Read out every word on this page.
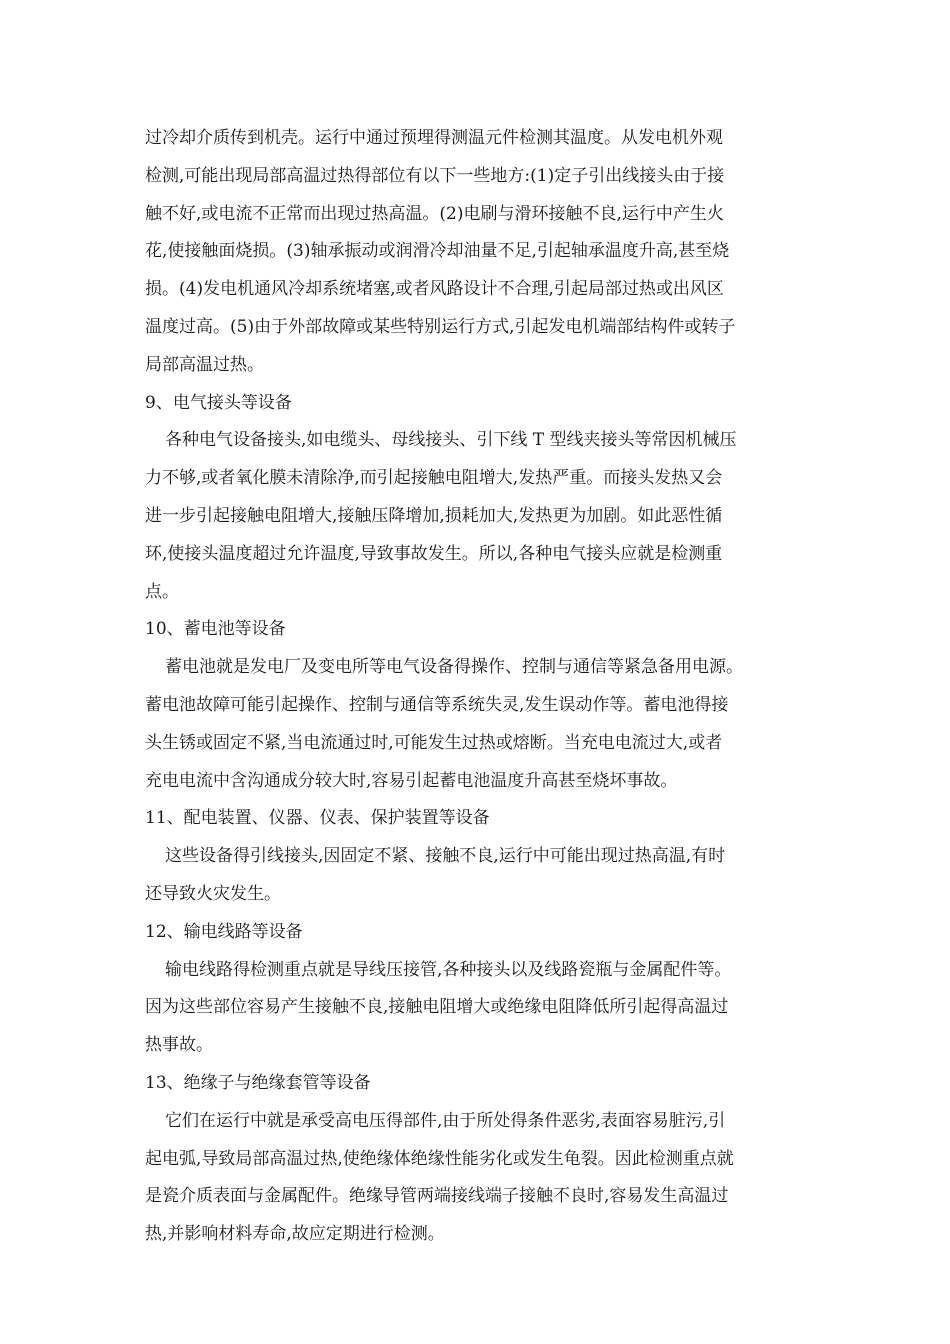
过冷却介质传到机壳。运行中通过预埋得测温元件检测其温度。从发电机外观
检测,可能出现局部高温过热得部位有以下一些地方:(1)定子引出线接头由于接
触不好,或电流不正常而出现过热高温。(2)电刷与滑环接触不良,运行中产生火
花,使接触面烧损。(3)轴承振动或润滑冷却油量不足,引起轴承温度升高,甚至烧
损。(4)发电机通风冷却系统堵塞,或者风路设计不合理,引起局部过热或出风区
温度过高。(5)由于外部故障或某些特别运行方式,引起发电机端部结构件或转子
局部高温过热。
9、电气接头等设备
各种电气设备接头,如电缆头、母线接头、引下线 T 型线夹接头等常因机械压
力不够,或者氧化膜未清除净,而引起接触电阻增大,发热严重。而接头发热又会
进一步引起接触电阻增大,接触压降增加,损耗加大,发热更为加剧。如此恶性循
环,使接头温度超过允许温度,导致事故发生。所以,各种电气接头应就是检测重
点。
10、蓄电池等设备
蓄电池就是发电厂及变电所等电气设备得操作、控制与通信等紧急备用电源。
蓄电池故障可能引起操作、控制与通信等系统失灵,发生误动作等。蓄电池得接
头生锈或固定不紧,当电流通过时,可能发生过热或熔断。当充电电流过大,或者
充电电流中含沟通成分较大时,容易引起蓄电池温度升高甚至烧坏事故。
11、配电装置、仪器、仪表、保护装置等设备
这些设备得引线接头,因固定不紧、接触不良,运行中可能出现过热高温,有时
还导致火灾发生。
12、输电线路等设备
输电线路得检测重点就是导线压接管,各种接头以及线路瓷瓶与金属配件等。
因为这些部位容易产生接触不良,接触电阻增大或绝缘电阻降低所引起得高温过
热事故。
13、绝缘子与绝缘套管等设备
它们在运行中就是承受高电压得部件,由于所处得条件恶劣,表面容易脏污,引
起电弧,导致局部高温过热,使绝缘体绝缘性能劣化或发生龟裂。因此检测重点就
是瓷介质表面与金属配件。绝缘导管两端接线端子接触不良时,容易发生高温过
热,并影响材料寿命,故应定期进行检测。
